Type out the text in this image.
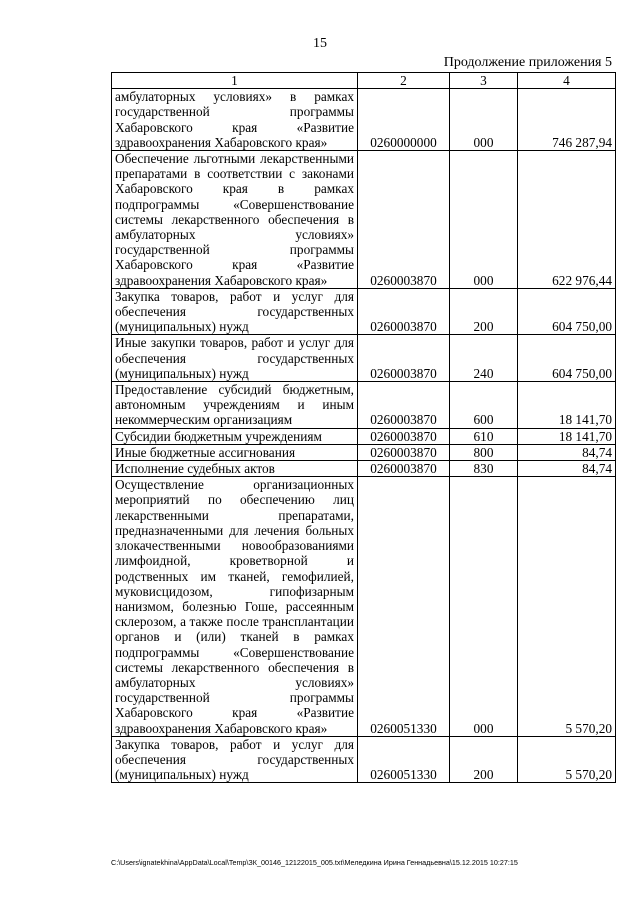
15
Продолжение приложения 5
1	2	3	4
амбулаторных условиях» в рамках государственной программы Хабаровского края «Развитие здравоохранения Хабаровского края»	0260000000	000	746 287,94
Обеспечение льготными лекарственными препаратами в соответствии с законами Хабаровского края в рамках подпрограммы «Совершенствование системы лекарственного обеспечения в амбулаторных условиях» государственной программы Хабаровского края «Развитие здравоохранения Хабаровского края»	0260003870	000	622 976,44
Закупка товаров, работ и услуг для обеспечения государственных (муниципальных) нужд	0260003870	200	604 750,00
Иные закупки товаров, работ и услуг для обеспечения государственных (муниципальных) нужд	0260003870	240	604 750,00
Предоставление субсидий бюджетным, автономным учреждениям и иным некоммерческим организациям	0260003870	600	18 141,70
Субсидии бюджетным учреждениям	0260003870	610	18 141,70
Иные бюджетные ассигнования	0260003870	800	84,74
Исполнение судебных актов	0260003870	830	84,74
Осуществление организационных мероприятий по обеспечению лиц лекарственными препаратами, предназначенными для лечения больных злокачественными новообразованиями лимфоидной, кроветворной и родственных им тканей, гемофилией, муковисцидозом, гипофизарным нанизмом, болезнью Гоше, рассеянным склерозом, а также после трансплантации органов и (или) тканей в рамках подпрограммы «Совершенствование системы лекарственного обеспечения в амбулаторных условиях» государственной программы Хабаровского края «Развитие здравоохранения Хабаровского края»	0260051330	000	5 570,20
Закупка товаров, работ и услуг для обеспечения государственных (муниципальных) нужд	0260051330	200	5 570,20
C:\Users\ignatekhina\AppData\Local\Temp\ЗК_00146_12122015_005.txt\Меледкина Ирина Геннадьевна\15.12.2015 10:27:15
